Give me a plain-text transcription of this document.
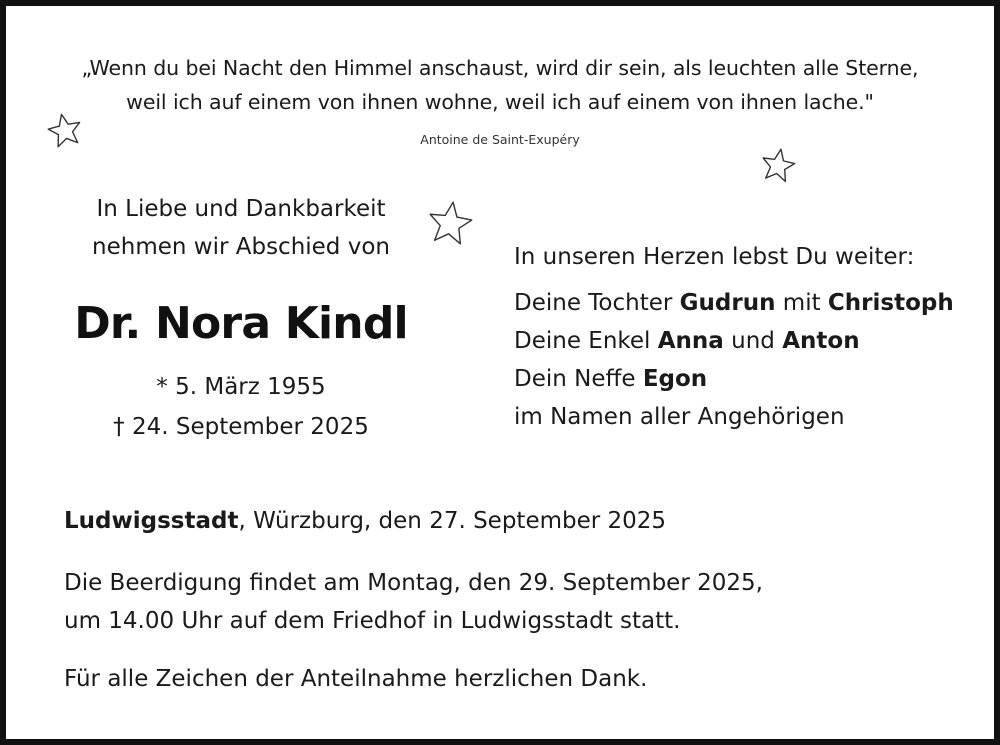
„Wenn du bei Nacht den Himmel anschaust, wird dir sein, als leuchten alle Sterne,
weil ich auf einem von ihnen wohne, weil ich auf einem von ihnen lache."
Antoine de Saint-Exupéry
In Liebe und Dankbarkeit
nehmen wir Abschied von
Dr. Nora Kindl
* 5. März 1955
† 24. September 2025
In unseren Herzen lebst Du weiter:
Deine Tochter Gudrun mit Christoph
Deine Enkel Anna und Anton
Dein Neffe Egon
im Namen aller Angehörigen
Ludwigsstadt, Würzburg, den 27. September 2025
Die Beerdigung findet am Montag, den 29. September 2025,
um 14.00 Uhr auf dem Friedhof in Ludwigsstadt statt.
Für alle Zeichen der Anteilnahme herzlichen Dank.
